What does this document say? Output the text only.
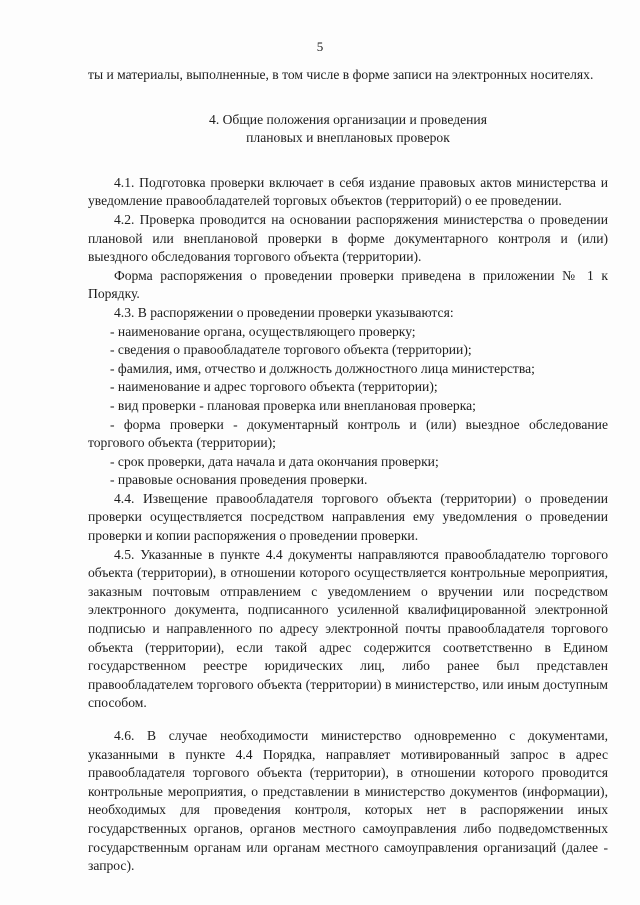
5

ты и материалы, выполненные, в том числе в форме записи на электронных носителях.

4. Общие положения организации и проведения
плановых и внеплановых проверок

4.1. Подготовка проверки включает в себя издание правовых актов министерства и уведомление правообладателей торговых объектов (территорий) о ее проведении.

4.2. Проверка проводится на основании распоряжения министерства о проведении плановой или внеплановой проверки в форме документарного контроля и (или) выездного обследования торгового объекта (территории).

Форма распоряжения о проведении проверки приведена в приложении № 1 к Порядку.

4.3. В распоряжении о проведении проверки указываются:

- наименование органа, осуществляющего проверку;

- сведения о правообладателе торгового объекта (территории);

- фамилия, имя, отчество и должность должностного лица министерства;

- наименование и адрес торгового объекта (территории);

- вид проверки - плановая проверка или внеплановая проверка;

- форма проверки - документарный контроль и (или) выездное обследование торгового объекта (территории);

- срок проверки, дата начала и дата окончания проверки;

- правовые основания проведения проверки.

4.4. Извещение правообладателя торгового объекта (территории) о проведении проверки осуществляется посредством направления ему уведомления о проведении проверки и копии распоряжения о проведении проверки.

4.5. Указанные в пункте 4.4 документы направляются правообладателю торгового объекта (территории), в отношении которого осуществляется контрольные мероприятия, заказным почтовым отправлением с уведомлением о вручении или посредством электронного документа, подписанного усиленной квалифицированной электронной подписью и направленного по адресу электронной почты правообладателя торгового объекта (территории), если такой адрес содержится соответственно в Едином государственном реестре юридических лиц, либо ранее был представлен правообладателем торгового объекта (территории) в министерство, или иным доступным способом.

4.6. В случае необходимости министерство одновременно с документами, указанными в пункте 4.4 Порядка, направляет мотивированный запрос в адрес правообладателя торгового объекта (территории), в отношении которого проводится контрольные мероприятия, о представлении в министерство документов (информации), необходимых для проведения контроля, которых нет в распоряжении иных государственных органов, органов местного самоуправления либо подведомственных государственным органам или органам местного самоуправления организаций (далее - запрос).
